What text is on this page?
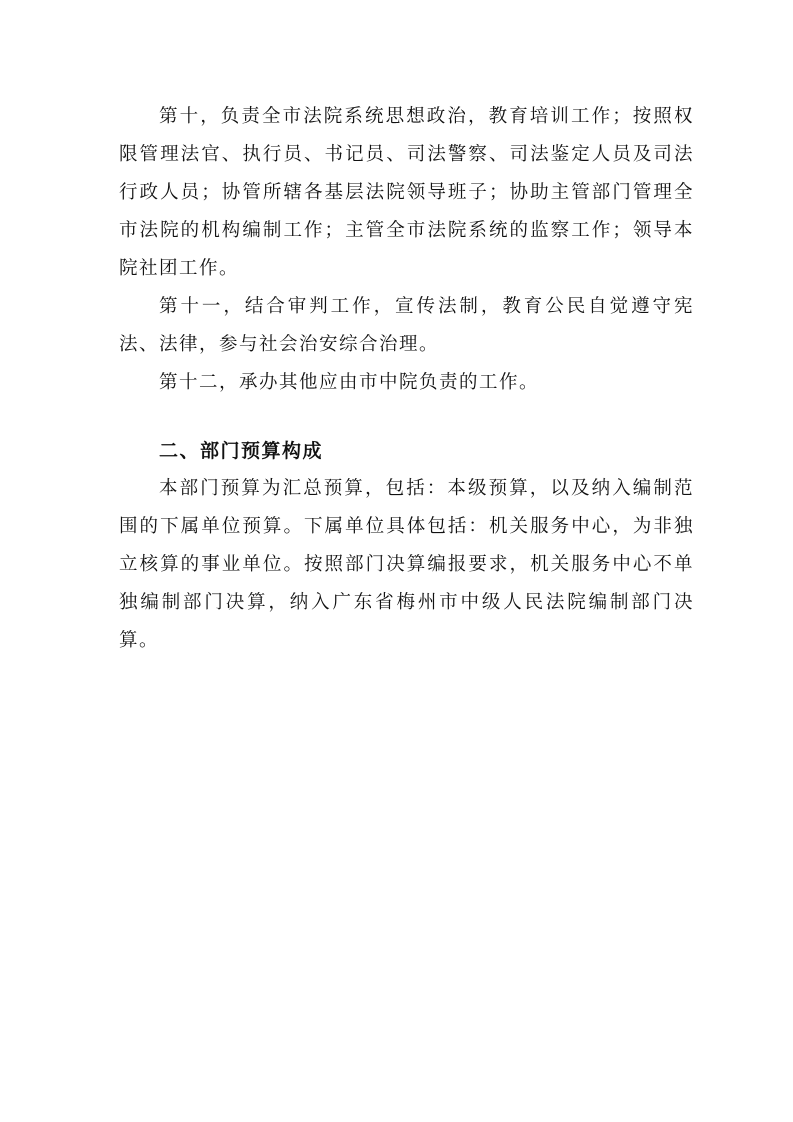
第十，负责全市法院系统思想政治，教育培训工作；按照权限管理法官、执行员、书记员、司法警察、司法鉴定人员及司法行政人员；协管所辖各基层法院领导班子；协助主管部门管理全市法院的机构编制工作；主管全市法院系统的监察工作；领导本院社团工作。

第十一，结合审判工作，宣传法制，教育公民自觉遵守宪法、法律，参与社会治安综合治理。

第十二，承办其他应由市中院负责的工作。

二、部门预算构成

本部门预算为汇总预算，包括：本级预算，以及纳入编制范围的下属单位预算。下属单位具体包括：机关服务中心，为非独立核算的事业单位。按照部门决算编报要求，机关服务中心不单独编制部门决算，纳入广东省梅州市中级人民法院编制部门决算。
